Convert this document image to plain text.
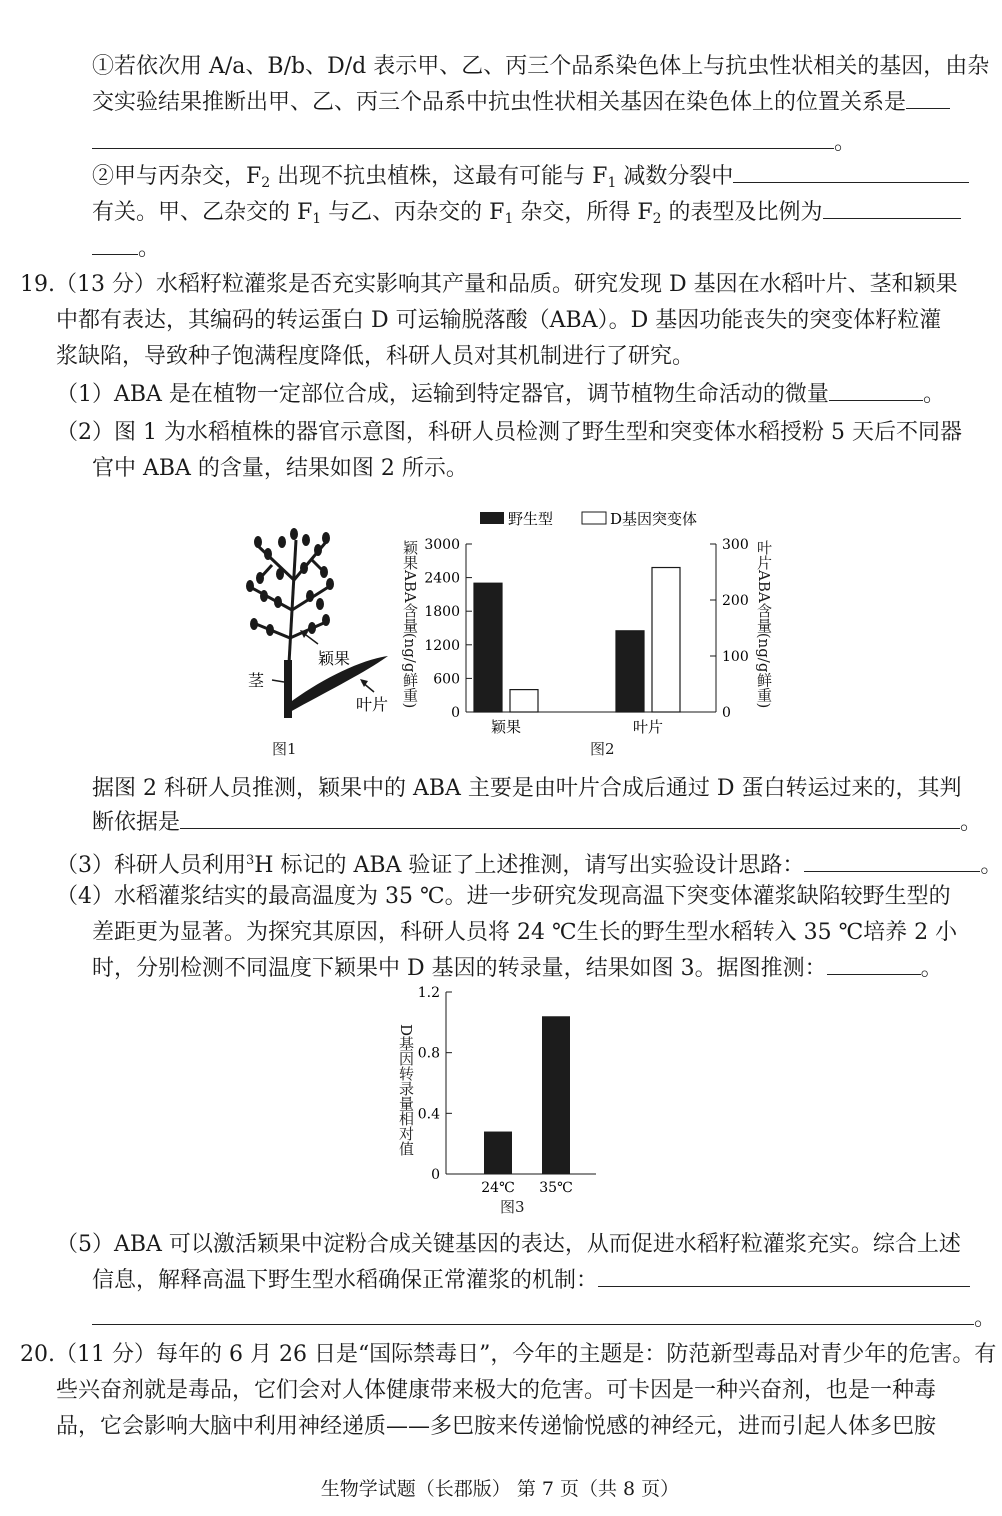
①若依次用 A/a、B/b、D/d 表示甲、乙、丙三个品系染色体上与抗虫性状相关的基因，由杂
交实验结果推断出甲、乙、丙三个品系中抗虫性状相关基因在染色体上的位置关系是
。
②甲与丙杂交，$F_2$ 出现不抗虫植株，这最有可能与 $F_1$ 减数分裂中
有关。甲、乙杂交的 $F_1$ 与乙、丙杂交的 $F_1$ 杂交，所得 $F_2$ 的表型及比例为
。
19.（13 分）水稻籽粒灌浆是否充实影响其产量和品质。研究发现 D 基因在水稻叶片、茎和颖果
中都有表达，其编码的转运蛋白 D 可运输脱落酸（ABA）。D 基因功能丧失的突变体籽粒灌
浆缺陷，导致种子饱满程度降低，科研人员对其机制进行了研究。
（1）ABA 是在植物一定部位合成，运输到特定器官，调节植物生命活动的微量	。
（2）图 1 为水稻植株的器官示意图，科研人员检测了野生型和突变体水稻授粉 5 天后不同器
官中 ABA 的含量，结果如图 2 所示。
颖果
茎
叶片
图1
野生型	D基因突变体
0
600
1200
1800
2400
3000
0
100
200
300
颖果	叶片
颖果ABA含量(ng/g鲜重)	叶片ABA含量(ng/g鲜重)
图2
据图 2 科研人员推测，颖果中的 ABA 主要是由叶片合成后通过 D 蛋白转运过来的，其判
断依据是	。
（3）科研人员利用$^3$H 标记的 ABA 验证了上述推测，请写出实验设计思路：	。
（4）水稻灌浆结实的最高温度为 35 ℃。进一步研究发现高温下突变体灌浆缺陷较野生型的
差距更为显著。为探究其原因，科研人员将 24 ℃生长的野生型水稻转入 35 ℃培养 2 小
时，分别检测不同温度下颖果中 D 基因的转录量，结果如图 3。据图推测：	。
0
0.4
0.8
1.2
24℃ 35℃
D基因转录量相对值
图3
（5）ABA 可以激活颖果中淀粉合成关键基因的表达，从而促进水稻籽粒灌浆充实。综合上述
信息，解释高温下野生型水稻确保正常灌浆的机制：
。
20.（11 分）每年的 6 月 26 日是“国际禁毒日”，今年的主题是：防范新型毒品对青少年的危害。有
些兴奋剂就是毒品，它们会对人体健康带来极大的危害。可卡因是一种兴奋剂，也是一种毒
品，它会影响大脑中利用神经递质——多巴胺来传递愉悦感的神经元，进而引起人体多巴胺
生物学试题（长郡版） 第 7 页（共 8 页）
